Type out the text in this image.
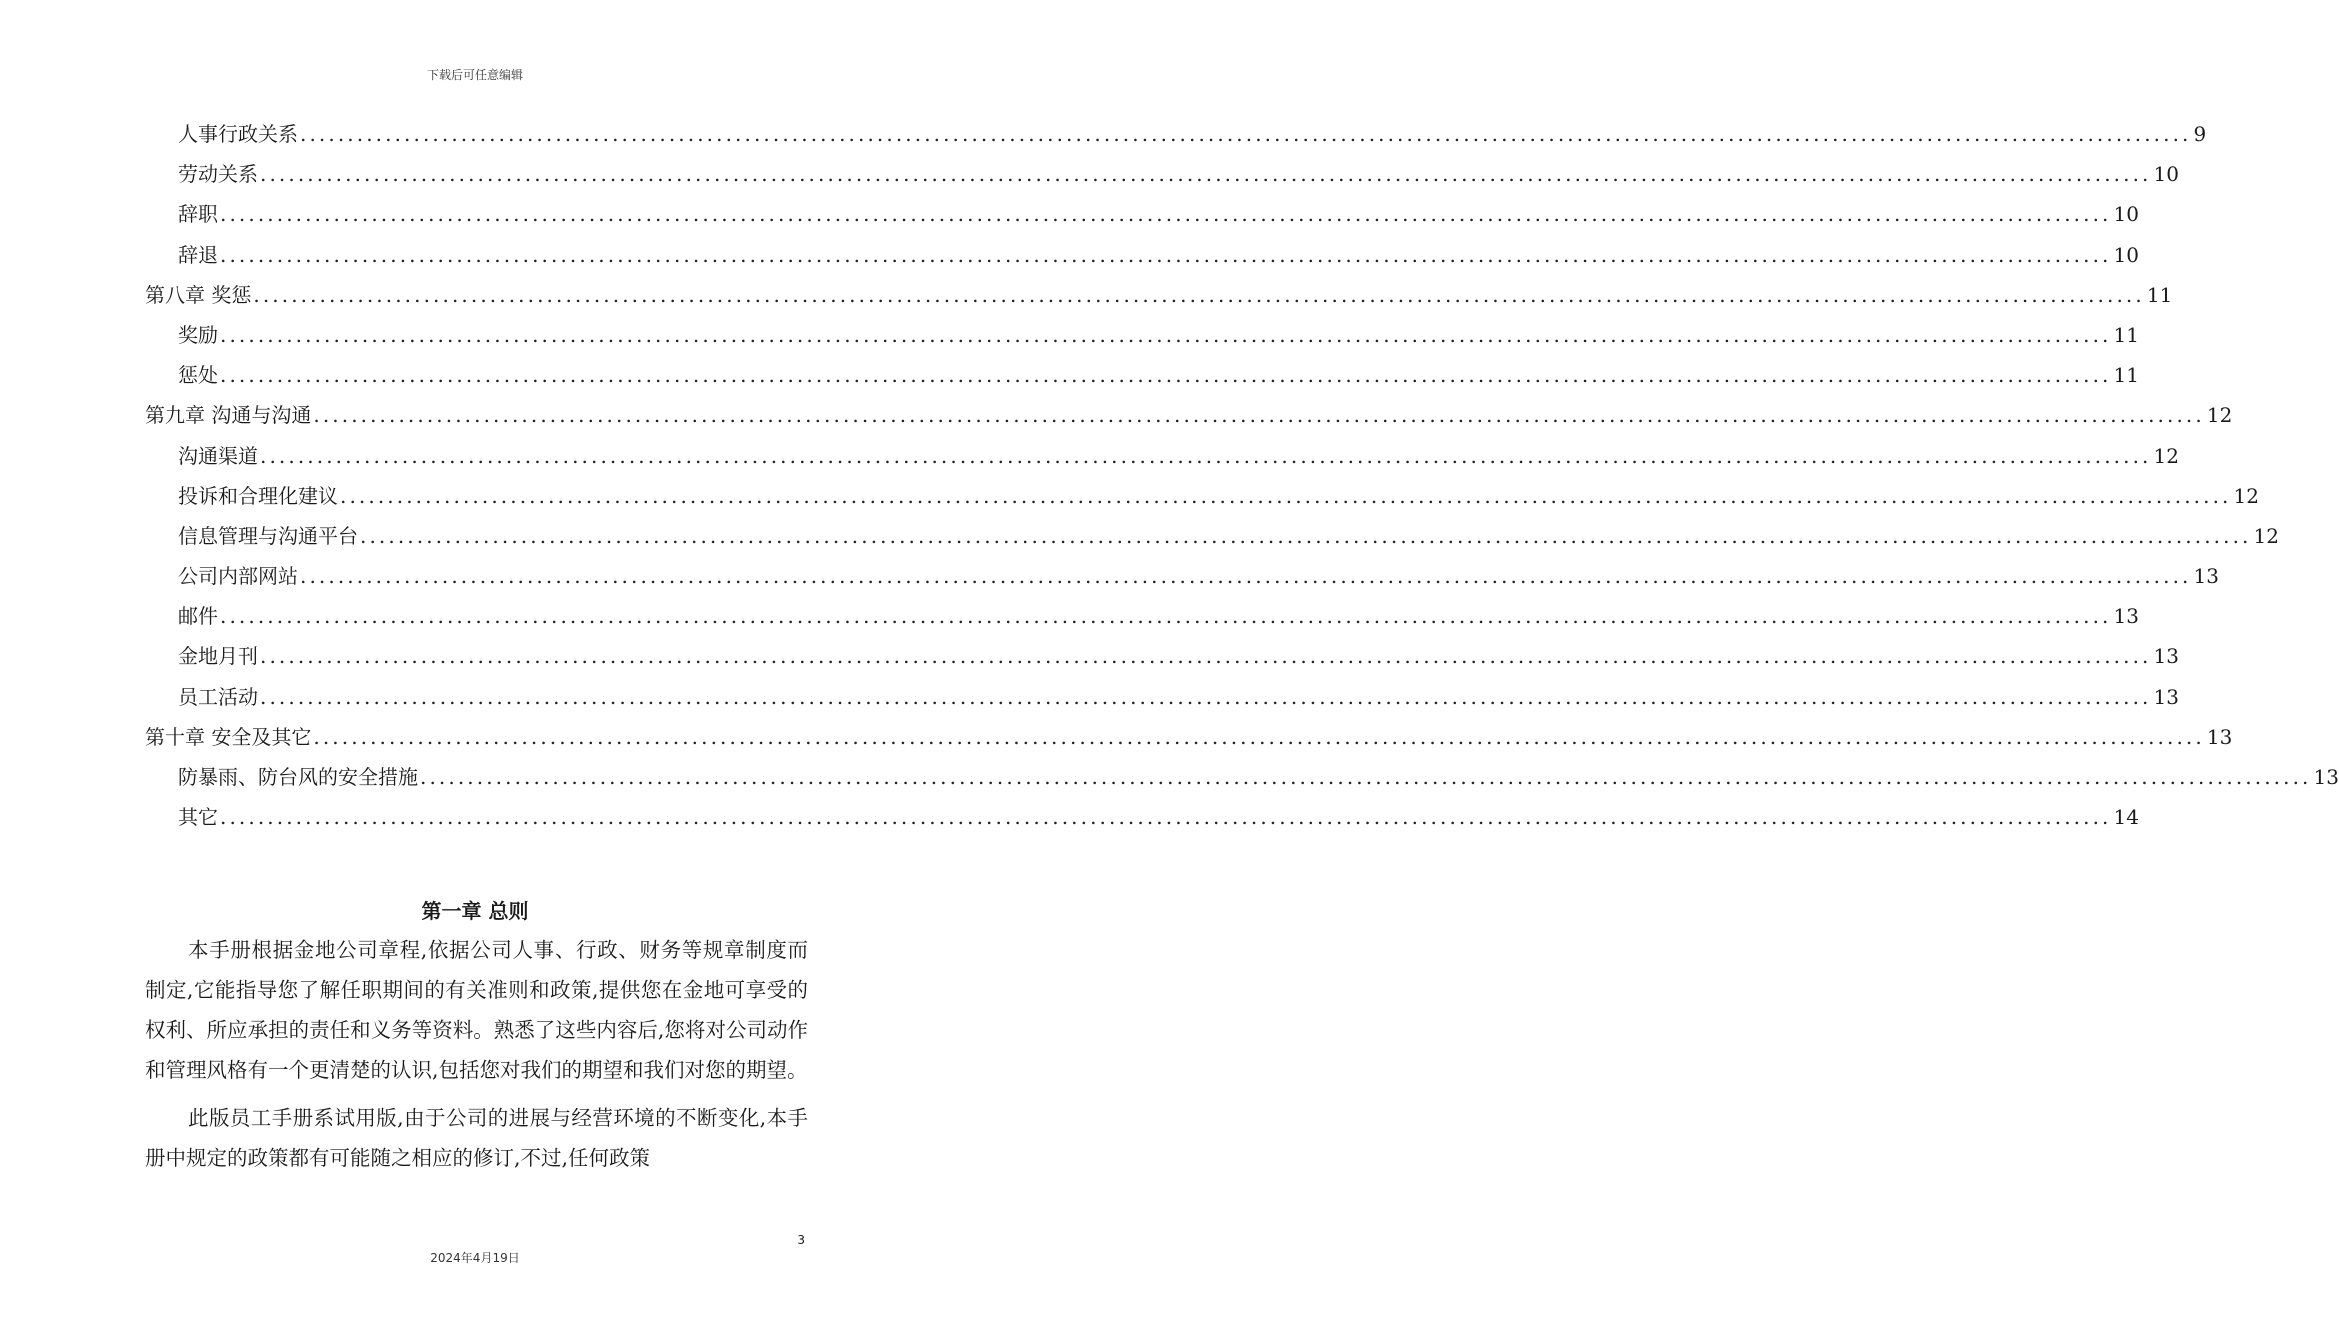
下载后可任意编辑
人事行政关系 ........................................................................................................................................................................................................ 9
劳动关系 ........................................................................................................................................................................................................ 10
辞职 ........................................................................................................................................................................................................ 10
辞退 ........................................................................................................................................................................................................ 10
第八章 奖惩 ........................................................................................................................................................................................................ 11
奖励 ........................................................................................................................................................................................................ 11
惩处 ........................................................................................................................................................................................................ 11
第九章 沟通与沟通 ........................................................................................................................................................................................................ 12
沟通渠道 ........................................................................................................................................................................................................ 12
投诉和合理化建议 ........................................................................................................................................................................................................ 12
信息管理与沟通平台 ........................................................................................................................................................................................................ 12
公司内部网站 ........................................................................................................................................................................................................ 13
邮件 ........................................................................................................................................................................................................ 13
金地月刊 ........................................................................................................................................................................................................ 13
员工活动 ........................................................................................................................................................................................................ 13
第十章 安全及其它 ........................................................................................................................................................................................................ 13
防暴雨、防台风的安全措施 ........................................................................................................................................................................................................ 13
其它 ........................................................................................................................................................................................................ 14
第一章 总则

本手册根据金地公司章程,依据公司人事、行政、财务等规章制度而制定,它能指导您了解任职期间的有关准则和政策,提供您在金地可享受的权利、所应承担的责任和义务等资料。熟悉了这些内容后,您将对公司动作和管理风格有一个更清楚的认识,包括您对我们的期望和我们对您的期望。

此版员工手册系试用版,由于公司的进展与经营环境的不断变化,本手册中规定的政策都有可能随之相应的修订,不过,任何政策

3
2024年4月19日
